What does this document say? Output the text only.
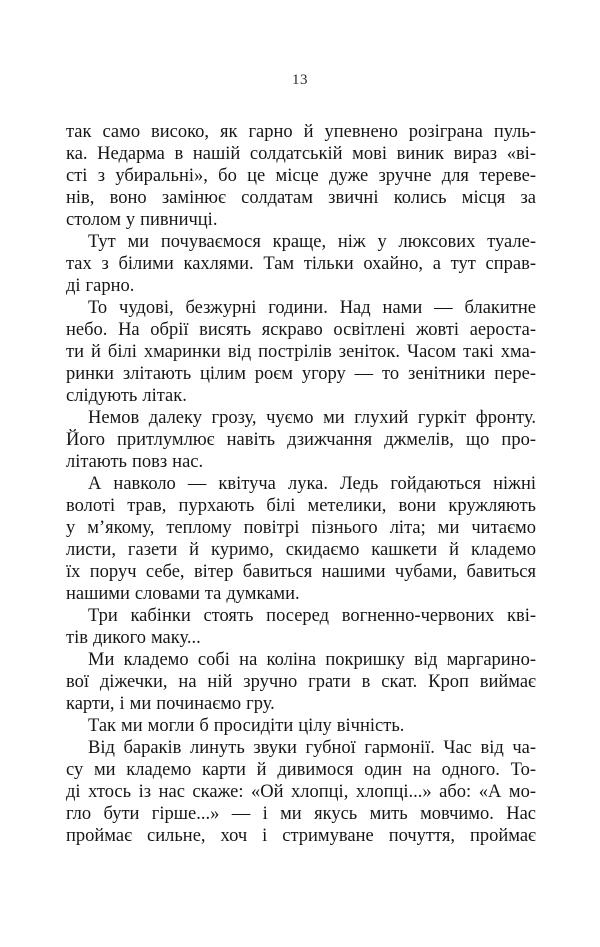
13
так само високо, як гарно й упевнено розіграна пуль-
ка. Недарма в нашій солдатській мові виник вираз «ві-
сті з убиральні», бо це місце дуже зручне для тереве-
нів, воно замінює солдатам звичні колись місця за
столом у пивничці.
Тут ми почуваємося краще, ніж у люксових туале-
тах з білими кахлями. Там тільки охайно, а тут справ-
ді гарно.
То чудові, безжурні години. Над нами — блакитне
небо. На обрії висять яскраво освітлені жовті аероста-
ти й білі хмаринки від пострілів зеніток. Часом такі хма-
ринки злітають цілим роєм угору — то зенітники пере-
слідують літак.
Немов далеку грозу, чуємо ми глухий гуркіт фронту.
Його притлумлює навіть дзижчання джмелів, що про-
літають повз нас.
А навколо — квітуча лука. Ледь гойдаються ніжні
волоті трав, пурхають білі метелики, вони кружляють
у м’якому, теплому повітрі пізнього літа; ми читаємо
листи, газети й куримо, скидаємо кашкети й кладемо
їх поруч себе, вітер бавиться нашими чубами, бавиться
нашими словами та думками.
Три кабінки стоять посеред вогненно-червоних кві-
тів дикого маку...
Ми кладемо собі на коліна покришку від маргарино-
вої діжечки, на ній зручно грати в скат. Кроп виймає
карти, і ми починаємо гру.
Так ми могли б просидіти цілу вічність.
Від бараків линуть звуки губної гармонії. Час від ча-
су ми кладемо карти й дивимося один на одного. То-
ді хтось із нас скаже: «Ой хлопці, хлопці...» або: «А мо-
гло бути гірше...» — і ми якусь мить мовчимо. Нас
проймає сильне, хоч і стримуване почуття, проймає
